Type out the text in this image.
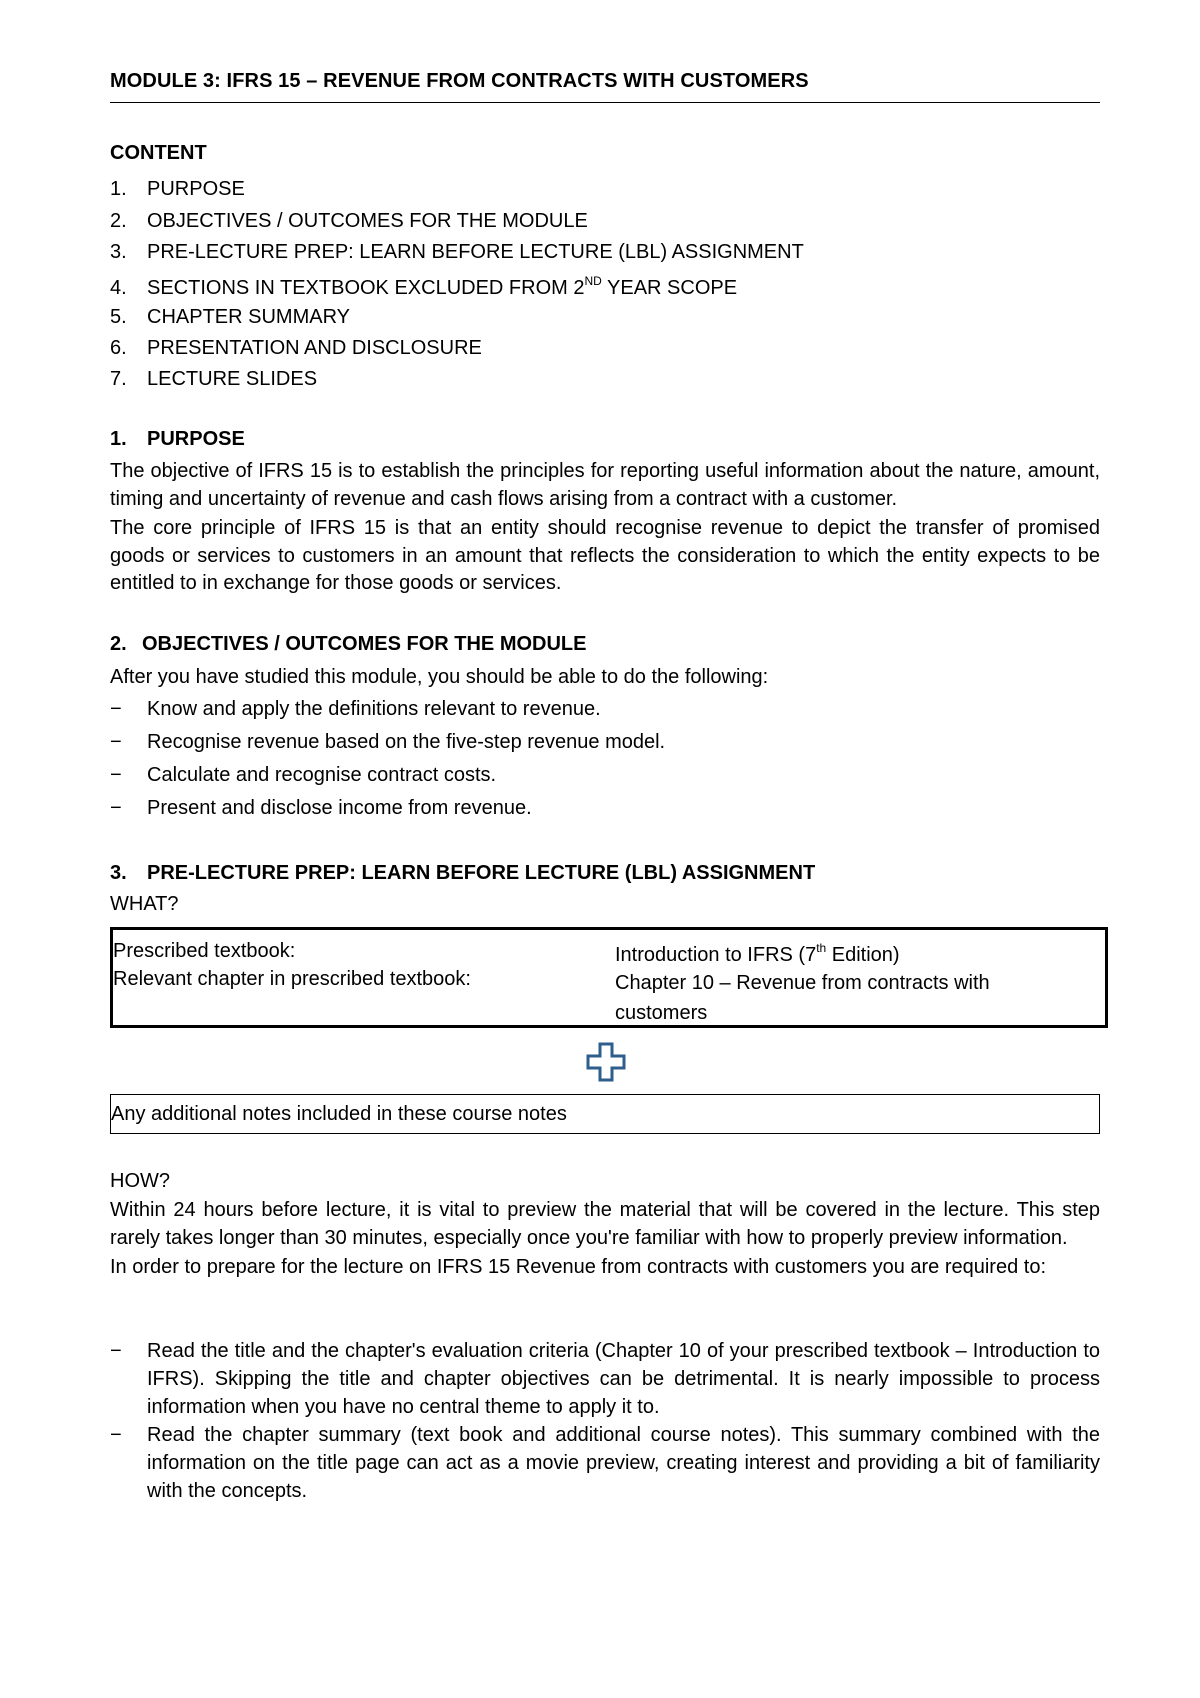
MODULE 3: IFRS 15 – REVENUE FROM CONTRACTS WITH CUSTOMERS
CONTENT
1. PURPOSE
2. OBJECTIVES / OUTCOMES FOR THE MODULE
3. PRE-LECTURE PREP: LEARN BEFORE LECTURE (LBL) ASSIGNMENT
4. SECTIONS IN TEXTBOOK EXCLUDED FROM 2ND YEAR SCOPE
5. CHAPTER SUMMARY
6. PRESENTATION AND DISCLOSURE
7. LECTURE SLIDES
1. PURPOSE

The objective of IFRS 15 is to establish the principles for reporting useful information about the nature, amount, timing and uncertainty of revenue and cash flows arising from a contract with a customer.

The core principle of IFRS 15 is that an entity should recognise revenue to depict the transfer of promised goods or services to customers in an amount that reflects the consideration to which the entity expects to be entitled to in exchange for those goods or services.

2. OBJECTIVES / OUTCOMES FOR THE MODULE
After you have studied this module, you should be able to do the following:
− Know and apply the definitions relevant to revenue.
− Recognise revenue based on the five-step revenue model.
− Calculate and recognise contract costs.
− Present and disclose income from revenue.
3. PRE-LECTURE PREP: LEARN BEFORE LECTURE (LBL) ASSIGNMENT
WHAT?
Prescribed textbook:	Introduction to IFRS (7th Edition)
Relevant chapter in prescribed textbook:	Chapter 10 – Revenue from contracts with customers
Any additional notes included in these course notes
HOW?

Within 24 hours before lecture, it is vital to preview the material that will be covered in the lecture. This step rarely takes longer than 30 minutes, especially once you're familiar with how to properly preview information.

In order to prepare for the lecture on IFRS 15 Revenue from contracts with customers you are required to:

− Read the title and the chapter's evaluation criteria (Chapter 10 of your prescribed textbook – Introduction to IFRS). Skipping the title and chapter objectives can be detrimental. It is nearly impossible to process information when you have no central theme to apply it to.
− Read the chapter summary (text book and additional course notes). This summary combined with the information on the title page can act as a movie preview, creating interest and providing a bit of familiarity with the concepts.
